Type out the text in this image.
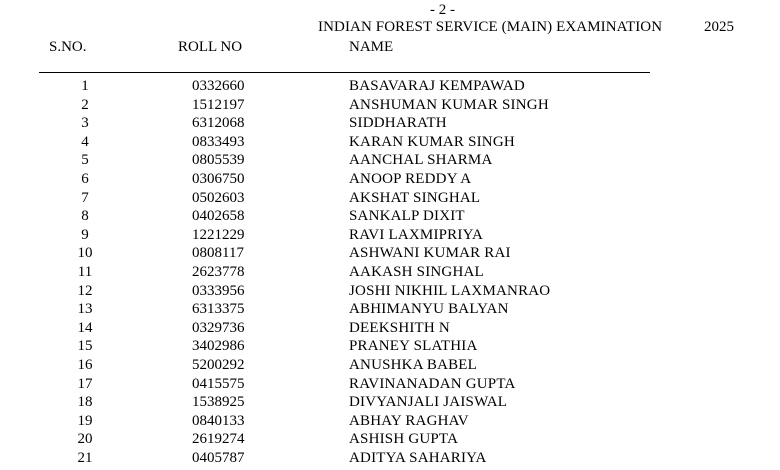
- 2 -
INDIAN FOREST SERVICE (MAIN) EXAMINATION	2025
S.NO.	ROLL NO	NAME
1	0332660	BASAVARAJ KEMPAWAD
2	1512197	ANSHUMAN KUMAR SINGH
3	6312068	SIDDHARATH
4	0833493	KARAN KUMAR SINGH
5	0805539	AANCHAL SHARMA
6	0306750	ANOOP REDDY A
7	0502603	AKSHAT SINGHAL
8	0402658	SANKALP DIXIT
9	1221229	RAVI LAXMIPRIYA
10	0808117	ASHWANI KUMAR RAI
11	2623778	AAKASH SINGHAL
12	0333956	JOSHI NIKHIL LAXMANRAO
13	6313375	ABHIMANYU BALYAN
14	0329736	DEEKSHITH N
15	3402986	PRANEY SLATHIA
16	5200292	ANUSHKA BABEL
17	0415575	RAVINANADAN GUPTA
18	1538925	DIVYANJALI JAISWAL
19	0840133	ABHAY RAGHAV
20	2619274	ASHISH GUPTA
21	0405787	ADITYA SAHARIYA
